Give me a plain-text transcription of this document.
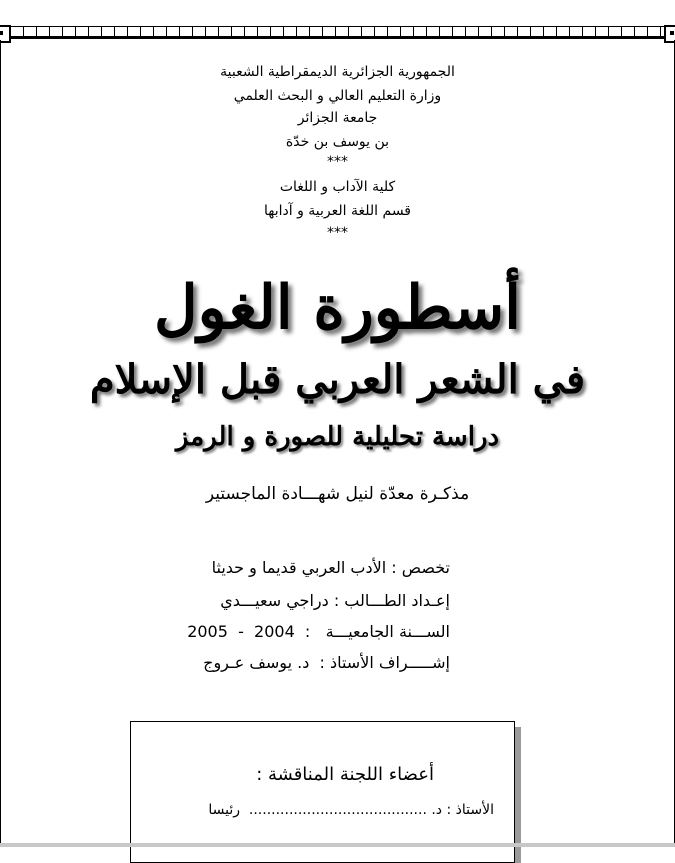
الجمهورية الجزائرية الديمقراطية الشعبية
وزارة التعليم العالي و البحث العلمي
جامعة الجزائر
بن يوسف بن خدّة
***
كلية الآداب و اللغات
قسم اللغة العربية و آدابها
***
أسطورة الغول
في الشعر العربي قبل الإسلام
دراسة تحليلية للصورة و الرمز
مذكـرة معدّة لنيل شهـــادة الماجستير
تخصص : الأدب العربي قديما و حديثا
إعـداد الطـــالب : دراجي سعيـــدي
الســـنة الجامعيـــة   :  2004  -  2005
إشـــــراف الأستاذ :  د. يوسف عـروج
أعضاء اللجنة المناقشة :
الأستاذ : د. ........................................  رئيسا
